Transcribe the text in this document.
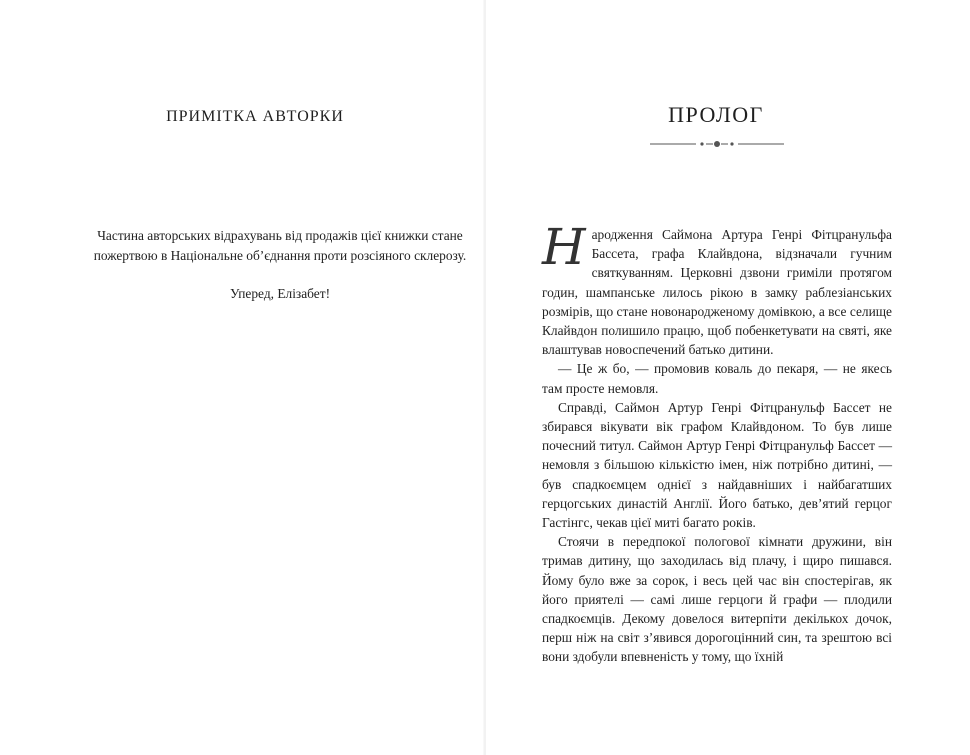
ПРИМІТКА АВТОРКИ

Частина авторських відрахувань від продажів цієї книжки стане пожертвою в Національне об’єднання проти розсіяного склерозу.

Уперед, Елізабет!

ПРОЛОГ

Народження Саймона Артура Генрі Фітцранульфа Бассета, графа Клайвдона, відзначали гучним святкуванням. Церковні дзвони гриміли протягом годин, шампанське лилось рікою в замку раблезіанських розмірів, що стане новонародженому домівкою, а все селище Клайвдон полишило працю, щоб побенкетувати на святі, яке влаштував новоспечений батько дитини.

— Це ж бо, — промовив коваль до пекаря, — не якесь там просте немовля.

Справді, Саймон Артур Генрі Фітцранульф Бассет не збирався вікувати вік графом Клайвдоном. То був лише почесний титул. Саймон Артур Генрі Фітцранульф Бассет — немовля з більшою кількістю імен, ніж потрібно дитині, — був спадкоємцем однієї з найдавніших і найбагатших герцогських династій Англії. Його батько, дев’ятий герцог Гастінгс, чекав цієї миті багато років.

Стоячи в передпокої пологової кімнати дружини, він тримав дитину, що заходилась від плачу, і щиро пишався. Йому було вже за сорок, і весь цей час він спостерігав, як його приятелі — самі лише герцоги й графи — плодили спадкоємців. Декому довелося витерпіти декількох дочок, перш ніж на світ з’явився дорогоцінний син, та зрештою всі вони здобули впевненість у тому, що їхній
